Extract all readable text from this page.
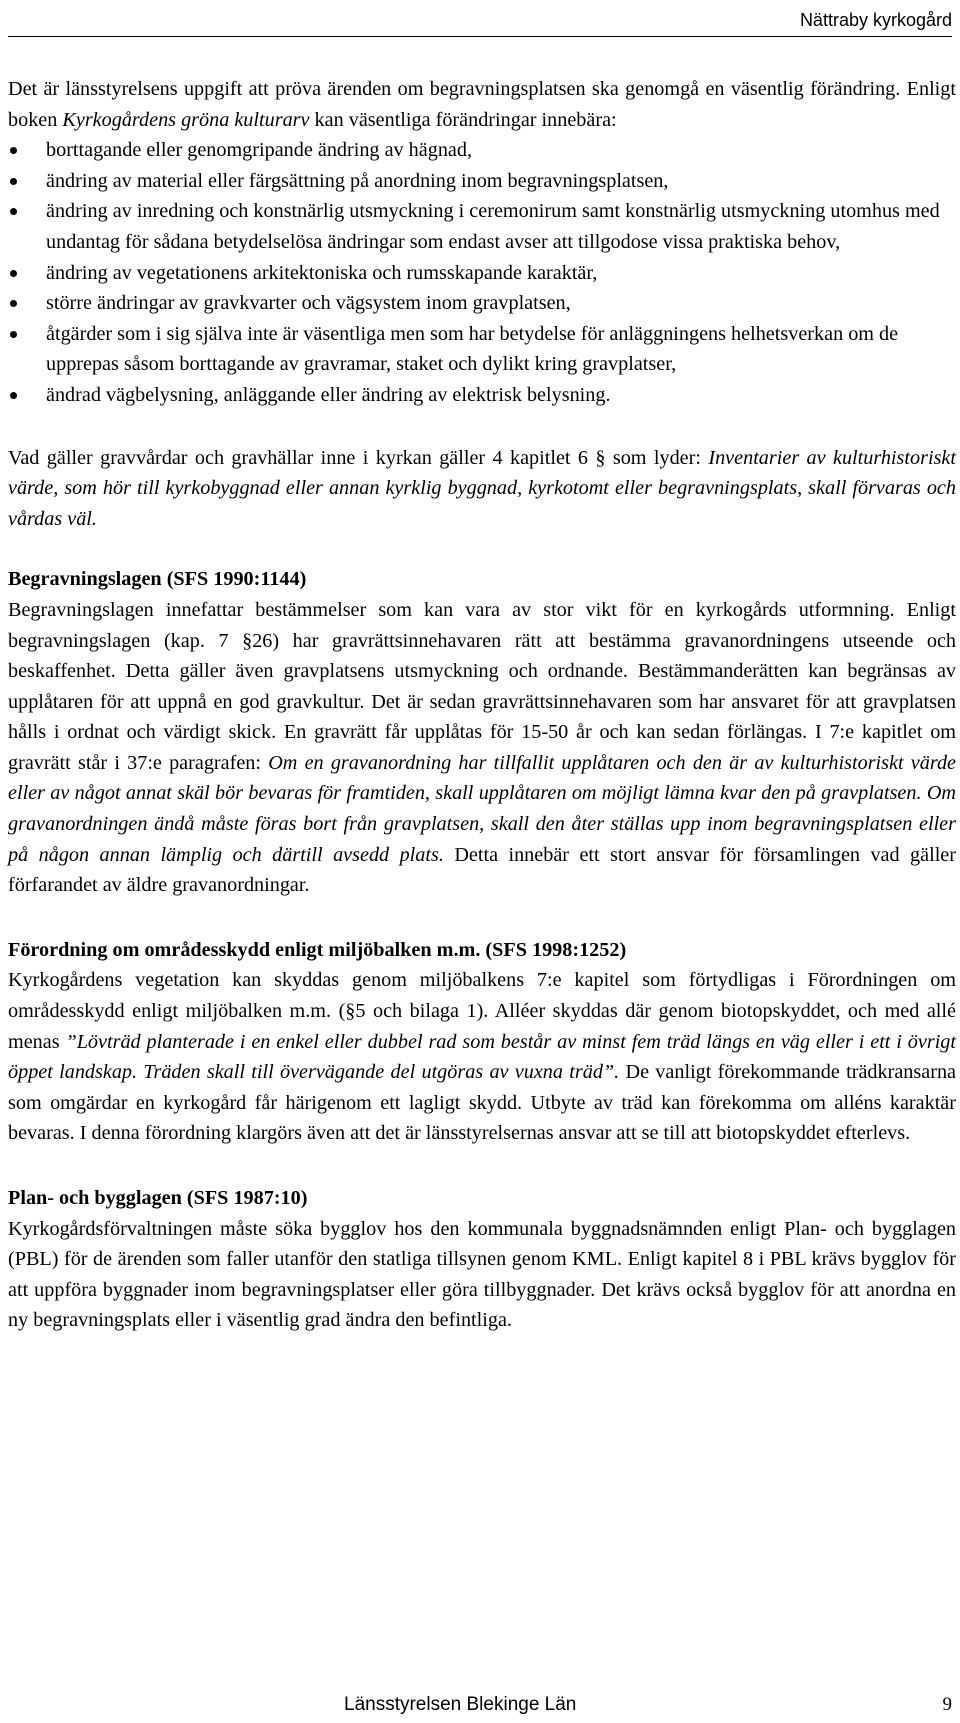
Nättraby kyrkogård

Det är länsstyrelsens uppgift att pröva ärenden om begravningsplatsen ska genomgå en väsentlig förändring. Enligt boken Kyrkogårdens gröna kulturarv kan väsentliga förändringar innebära:

borttagande eller genomgripande ändring av hägnad,
ändring av material eller färgsättning på anordning inom begravningsplatsen,
ändring av inredning och konstnärlig utsmyckning i ceremonirum samt konstnärlig utsmyckning utomhus med undantag för sådana betydelselösa ändringar som endast avser att tillgodose vissa praktiska behov,
ändring av vegetationens arkitektoniska och rumsskapande karaktär,
större ändringar av gravkvarter och vägsystem inom gravplatsen,
åtgärder som i sig själva inte är väsentliga men som har betydelse för anläggningens helhetsverkan om de upprepas såsom borttagande av gravramar, staket och dylikt kring gravplatser,
ändrad vägbelysning, anläggande eller ändring av elektrisk belysning.

Vad gäller gravvårdar och gravhällar inne i kyrkan gäller 4 kapitlet 6 § som lyder: Inventarier av kulturhistoriskt värde, som hör till kyrkobyggnad eller annan kyrklig byggnad, kyrkotomt eller begravningsplats, skall förvaras och vårdas väl.

Begravningslagen (SFS 1990:1144)

Begravningslagen innefattar bestämmelser som kan vara av stor vikt för en kyrkogårds utformning. Enligt begravningslagen (kap. 7 §26) har gravrättsinnehavaren rätt att bestämma gravanordningens utseende och beskaffenhet. Detta gäller även gravplatsens utsmyckning och ordnande. Bestämmanderätten kan begränsas av upplåtaren för att uppnå en god gravkultur. Det är sedan gravrättsinnehavaren som har ansvaret för att gravplatsen hålls i ordnat och värdigt skick. En gravrätt får upplåtas för 15-50 år och kan sedan förlängas. I 7:e kapitlet om gravrätt står i 37:e paragrafen: Om en gravanordning har tillfallit upplåtaren och den är av kulturhistoriskt värde eller av något annat skäl bör bevaras för framtiden, skall upplåtaren om möjligt lämna kvar den på gravplatsen. Om gravanordningen ändå måste föras bort från gravplatsen, skall den åter ställas upp inom begravningsplatsen eller på någon annan lämplig och därtill avsedd plats. Detta innebär ett stort ansvar för församlingen vad gäller förfarandet av äldre gravanordningar.

Förordning om områdesskydd enligt miljöbalken m.m. (SFS 1998:1252)

Kyrkogårdens vegetation kan skyddas genom miljöbalkens 7:e kapitel som förtydligas i Förordningen om områdesskydd enligt miljöbalken m.m. (§5 och bilaga 1). Alléer skyddas där genom biotopskyddet, och med allé menas ”Lövträd planterade i en enkel eller dubbel rad som består av minst fem träd längs en väg eller i ett i övrigt öppet landskap. Träden skall till övervägande del utgöras av vuxna träd”. De vanligt förekommande trädkransarna som omgärdar en kyrkogård får härigenom ett lagligt skydd. Utbyte av träd kan förekomma om alléns karaktär bevaras. I denna förordning klargörs även att det är länsstyrelsernas ansvar att se till att biotopskyddet efterlevs.

Plan- och bygglagen (SFS 1987:10)

Kyrkogårdsförvaltningen måste söka bygglov hos den kommunala byggnadsnämnden enligt Plan- och bygglagen (PBL) för de ärenden som faller utanför den statliga tillsynen genom KML. Enligt kapitel 8 i PBL krävs bygglov för att uppföra byggnader inom begravningsplatser eller göra tillbyggnader. Det krävs också bygglov för att anordna en ny begravningsplats eller i väsentlig grad ändra den befintliga.

Länsstyrelsen Blekinge Län	9
